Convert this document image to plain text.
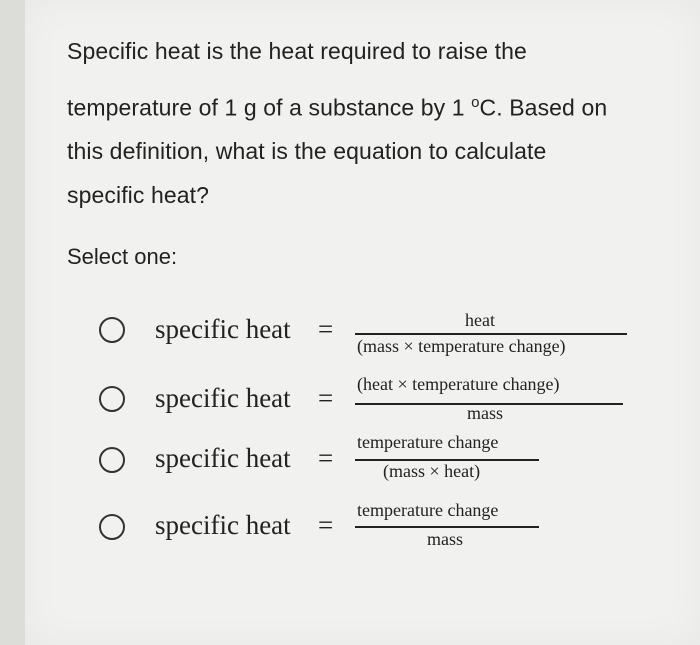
Specific heat is the heat required to raise the
temperature of 1 g of a substance by 1 $^o$C. Based on
this definition, what is the equation to calculate
specific heat?
Select one:
specific heat =	heat
(mass × temperature change)
specific heat = (heat × temperature change)
mass
specific heat =
temperature change
(mass × heat)
specific heat = temperature change
mass
